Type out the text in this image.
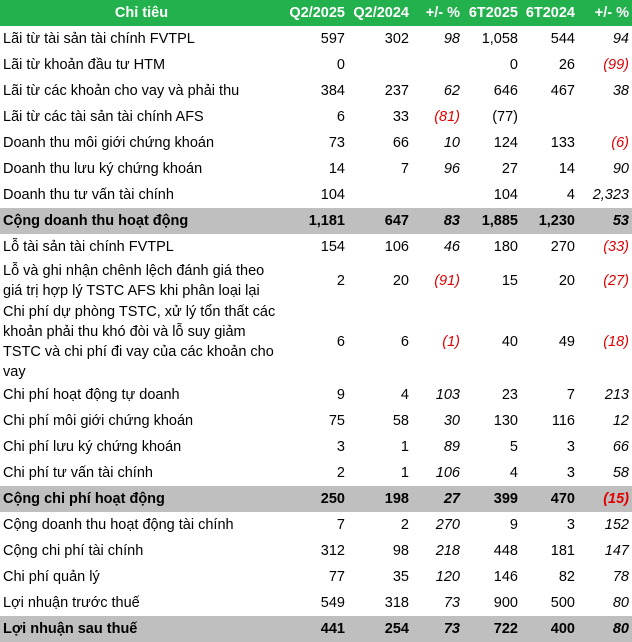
Chỉ tiêu	Q2/2025	Q2/2024	+/- %	6T2025	6T2024	+/- %
Lãi từ tài sản tài chính FVTPL	597	302	98	1,058	544	94
Lãi từ khoản đầu tư HTM	0			0	26	(99)
Lãi từ các khoản cho vay và phải thu	384	237	62	646	467	38
Lãi từ các tài sản tài chính AFS	6	33	(81)	(77)		
Doanh thu môi giới chứng khoán	73	66	10	124	133	(6)
Doanh thu lưu ký chứng khoán	14	7	96	27	14	90
Doanh thu tư vấn tài chính	104			104	4	2,323
Cộng doanh thu hoạt động	1,181	647	83	1,885	1,230	53
Lỗ tài sản tài chính FVTPL	154	106	46	180	270	(33)
Lỗ và ghi nhận chênh lệch đánh giá theo giá trị hợp lý TSTC AFS khi phân loại lại	2	20	(91)	15	20	(27)
Chi phí dự phòng TSTC, xử lý tổn thất các khoản phải thu khó đòi và lỗ suy giảm TSTC và chi phí đi vay của các khoản cho vay	6	6	(1)	40	49	(18)
Chi phí hoạt động tự doanh	9	4	103	23	7	213
Chi phí môi giới chứng khoán	75	58	30	130	116	12
Chi phí lưu ký chứng khoán	3	1	89	5	3	66
Chi phí tư vấn tài chính	2	1	106	4	3	58
Cộng chi phí hoạt động	250	198	27	399	470	(15)
Cộng doanh thu hoạt động tài chính	7	2	270	9	3	152
Cộng chi phí tài chính	312	98	218	448	181	147
Chi phí quản lý	77	35	120	146	82	78
Lợi nhuận trước thuế	549	318	73	900	500	80
Lợi nhuận sau thuế	441	254	73	722	400	80
